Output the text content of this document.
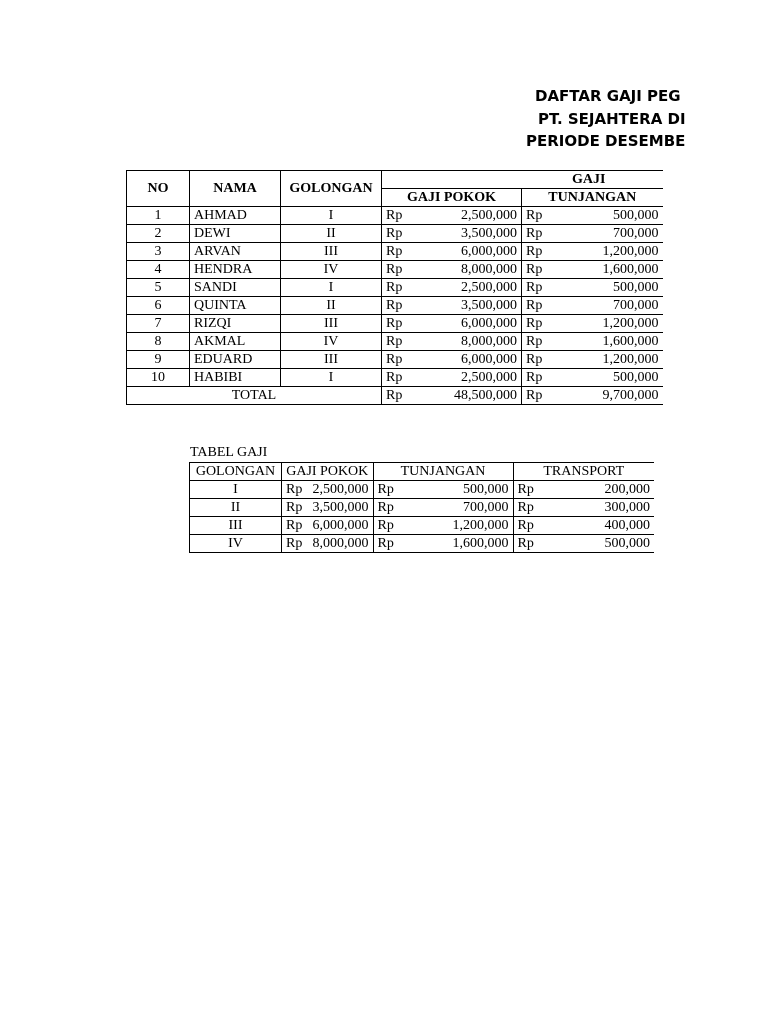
DAFTAR GAJI PEG
PT. SEJAHTERA DI
PERIODE DESEMBE
NO	NAMA	GOLONGAN	GAJI			
			GAJI POKOK		TUNJANGAN	
1	AHMAD	I	Rp	2,500,000	Rp	500,000
2	DEWI	II	Rp	3,500,000	Rp	700,000
3	ARVAN	III	Rp	6,000,000	Rp	1,200,000
4	HENDRA	IV	Rp	8,000,000	Rp	1,600,000
5	SANDI	I	Rp	2,500,000	Rp	500,000
6	QUINTA	II	Rp	3,500,000	Rp	700,000
7	RIZQI	III	Rp	6,000,000	Rp	1,200,000
8	AKMAL	IV	Rp	8,000,000	Rp	1,600,000
9	EDUARD	III	Rp	6,000,000	Rp	1,200,000
10	HABIBI	I	Rp	2,500,000	Rp	500,000
TOTAL			Rp	48,500,000	Rp	9,700,000
TABEL GAJI
GOLONGAN	GAJI POKOK		TUNJANGAN		TRANSPORT	
I	Rp	2,500,000	Rp	500,000	Rp	200,000
II	Rp	3,500,000	Rp	700,000	Rp	300,000
III	Rp	6,000,000	Rp	1,200,000	Rp	400,000
IV	Rp	8,000,000	Rp	1,600,000	Rp	500,000
